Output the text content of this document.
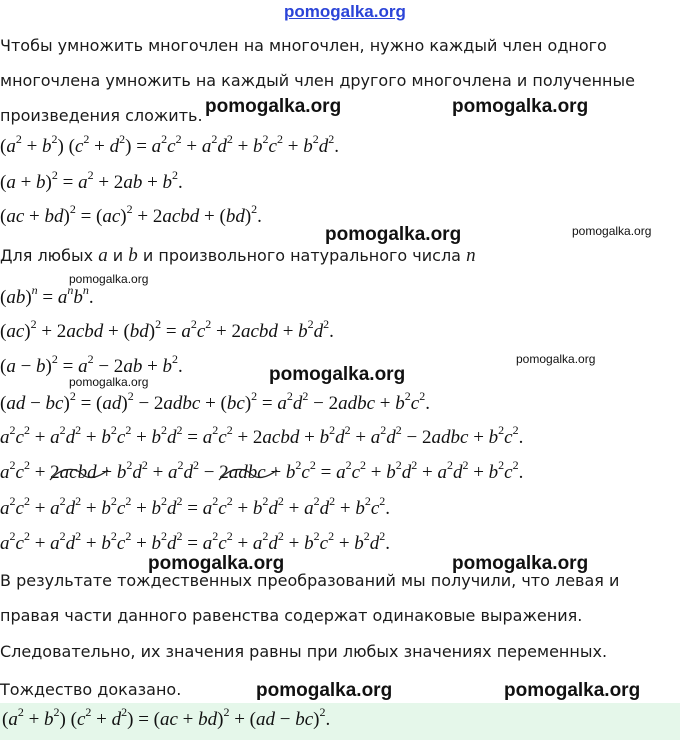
pomogalka.org
Чтобы умножить многочлен на многочлен, нужно каждый член одного
многочлена умножить на каждый член другого многочлена и полученные
произведения сложить.
$(a^2 + b^2) (c^2 + d^2) = a^2c^2 + a^2d^2 + b^2c^2 + b^2d^2$.
$(a + b)^2 = a^2 + 2ab + b^2$.
(ac + bd)$^2$ = (ac)$^2$ + 2acbd + (bd)$^2$.
Для любых a и b и произвольного натурального числа n
$(ab)^n = a^nb^n$.
(ac)$^2$ + 2acbd + $(bd)^2 = a^2c^2$ + 2acbd + $b^2d^2$.
$(a - b)^2 = a^2 - 2ab + b^2$.
(ad − bc)$^2$ = (ad)$^2$ − 2adbc + $(bc)^2 = a^2d^2$ − 2adbc + $b^2c^2$.
$a^2c^2 + a^2d^2 + b^2c^2 + b^2d^2 = a^2c^2$ + 2acbd + $b^2d^2 + a^2d^2$ − 2adbc + $b^2c^2$.
$a^2c^2$ + 2acbd + $b^2d^2 + a^2d^2$ − 2adbc + $b^2c^2 = a^2c^2 + b^2d^2 + a^2d^2 + b^2c^2$.
$a^2c^2 + a^2d^2 + b^2c^2 + b^2d^2 = a^2c^2 + b^2d^2 + a^2d^2 + b^2c^2$.
$a^2c^2 + a^2d^2 + b^2c^2 + b^2d^2 = a^2c^2 + a^2d^2 + b^2c^2 + b^2d^2$.
В результате тождественных преобразований мы получили, что левая и
правая части данного равенства содержат одинаковые выражения.
Следовательно, их значения равны при любых значениях переменных.
Тождество доказано.
$(a^2 + b^2) (c^2 + d^2) = (ac + bd)^2 + (ad - bc)^2$.
pomogalka.org	pomogalka.org
pomogalka.org	pomogalka.org
pomogalka.org
pomogalka.org
pomogalka.org	pomogalka.org
pomogalka.org	pomogalka.org
pomogalka.org	pomogalka.org
